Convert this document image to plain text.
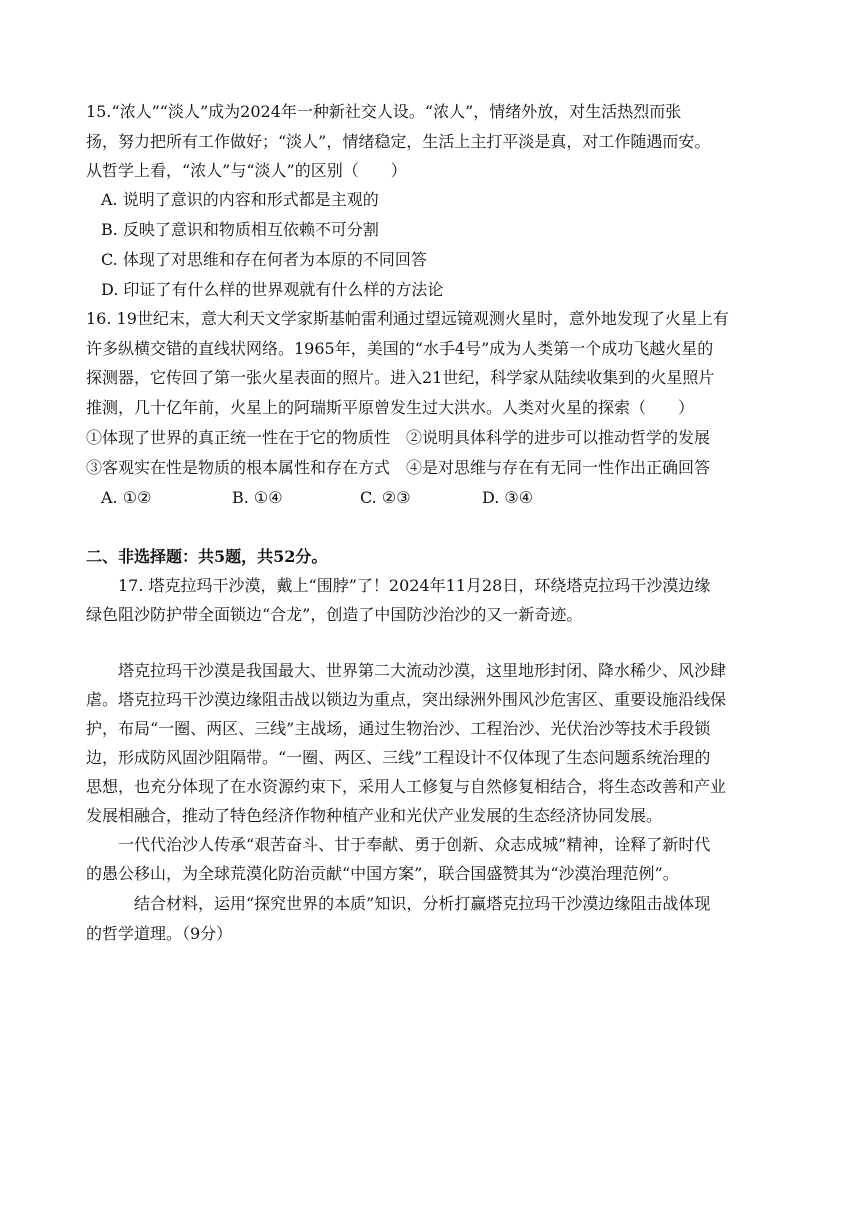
15.“浓人”“淡人”成为2024年一种新社交人设。“浓人”，情绪外放，对生活热烈而张
扬，努力把所有工作做好；“淡人”，情绪稳定，生活上主打平淡是真，对工作随遇而安。
从哲学上看，“浓人”与“淡人”的区别（　　）
A. 说明了意识的内容和形式都是主观的
B. 反映了意识和物质相互依赖不可分割
C. 体现了对思维和存在何者为本原的不同回答
D. 印证了有什么样的世界观就有什么样的方法论
16. 19世纪末，意大利天文学家斯基帕雷利通过望远镜观测火星时，意外地发现了火星上有
许多纵横交错的直线状网络。1965年，美国的“水手4号”成为人类第一个成功飞越火星的
探测器，它传回了第一张火星表面的照片。进入21世纪，科学家从陆续收集到的火星照片
推测，几十亿年前，火星上的阿瑞斯平原曾发生过大洪水。人类对火星的探索（　　）
①体现了世界的真正统一性在于它的物质性　②说明具体科学的进步可以推动哲学的发展
③客观实在性是物质的根本属性和存在方式　④是对思维与存在有无同一性作出正确回答
A. ①②	B. ①④	C. ②③	D. ③④
二、非选择题：共5题，共52分。
17. 塔克拉玛干沙漠，戴上“围脖”了！2024年11月28日，环绕塔克拉玛干沙漠边缘
绿色阻沙防护带全面锁边“合龙”，创造了中国防沙治沙的又一新奇迹。
塔克拉玛干沙漠是我国最大、世界第二大流动沙漠，这里地形封闭、降水稀少、风沙肆
虐。塔克拉玛干沙漠边缘阻击战以锁边为重点，突出绿洲外围风沙危害区、重要设施沿线保
护，布局“一圈、两区、三线”主战场，通过生物治沙、工程治沙、光伏治沙等技术手段锁
边，形成防风固沙阻隔带。“一圈、两区、三线”工程设计不仅体现了生态问题系统治理的
思想，也充分体现了在水资源约束下，采用人工修复与自然修复相结合，将生态改善和产业
发展相融合，推动了特色经济作物种植产业和光伏产业发展的生态经济协同发展。
一代代治沙人传承“艰苦奋斗、甘于奉献、勇于创新、众志成城”精神，诠释了新时代
的愚公移山，为全球荒漠化防治贡献“中国方案”，联合国盛赞其为“沙漠治理范例”。
结合材料，运用“探究世界的本质”知识，分析打赢塔克拉玛干沙漠边缘阻击战体现
的哲学道理。（9分）
